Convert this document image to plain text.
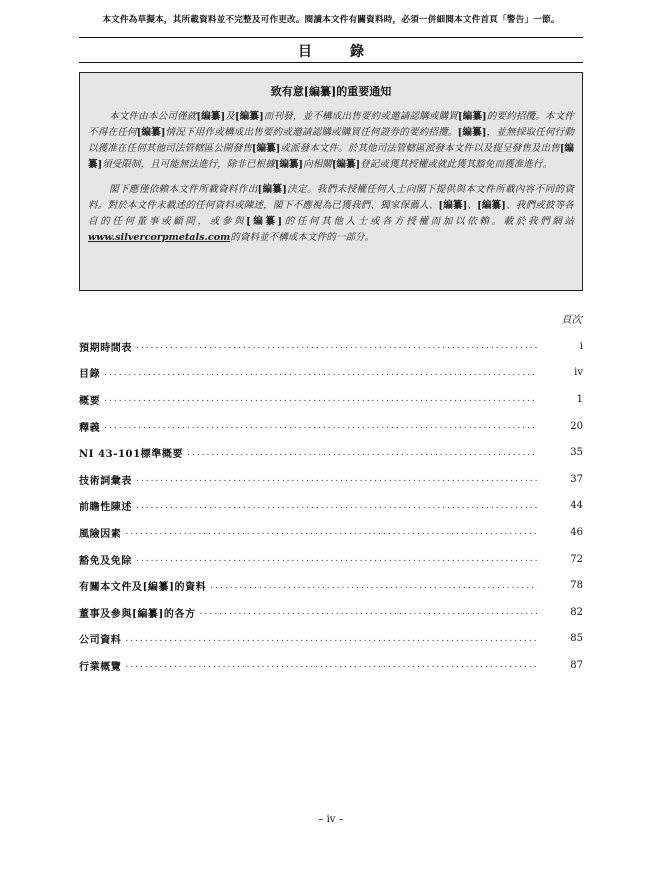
本文件為草擬本，其所載資料並不完整及可作更改。閱讀本文件有關資料時，必須一併細閱本文件首頁「警告」一節。
目　錄
致有意[編纂]的重要通知

本文件由本公司僅就[編纂]及[編纂]而刊發，並不構成出售要約或邀請認購或購買[編纂]的要約招攬。本文件不得在任何[編纂]情況下用作或構成出售要約或邀請認購或購買任何證券的要約招攬。[編纂]，並無採取任何行動以獲准在任何其他司法管轄區公開發售[編纂]或派發本文件。於其他司法管轄區派發本文件以及提呈發售及出售[編纂]須受限制，且可能無法進行，除非已根據[編纂]向相關[編纂]登記或獲其授權或就此獲其豁免而獲准進行。

閣下應僅依賴本文件所載資料作出[編纂]決定。我們未授權任何人士向閣下提供與本文件所載內容不同的資料。對於本文件未載述的任何資料或陳述，閣下不應視為已獲我們、獨家保薦人、[編纂]、[編纂]、我們或彼等各自的任何董事或顧問，或參與[編纂]的任何其他人士或各方授權而加以依賴。載於我們網站www.silvercorpmetals.com的資料並不構成本文件的一部分。

頁次
預期時間表 .....	i
目錄 .....	iv
概要 .....	1
釋義 .....	20
NI 43-101標準概要 .....	35
技術詞彙表 .....	37
前瞻性陳述 .....	44
風險因素 .....	46
豁免及免除 .....	72
有關本文件及[編纂]的資料 .....	78
董事及參與[編纂]的各方 .....	82
公司資料 .....	85
行業概覽 .....	87
– iv –
